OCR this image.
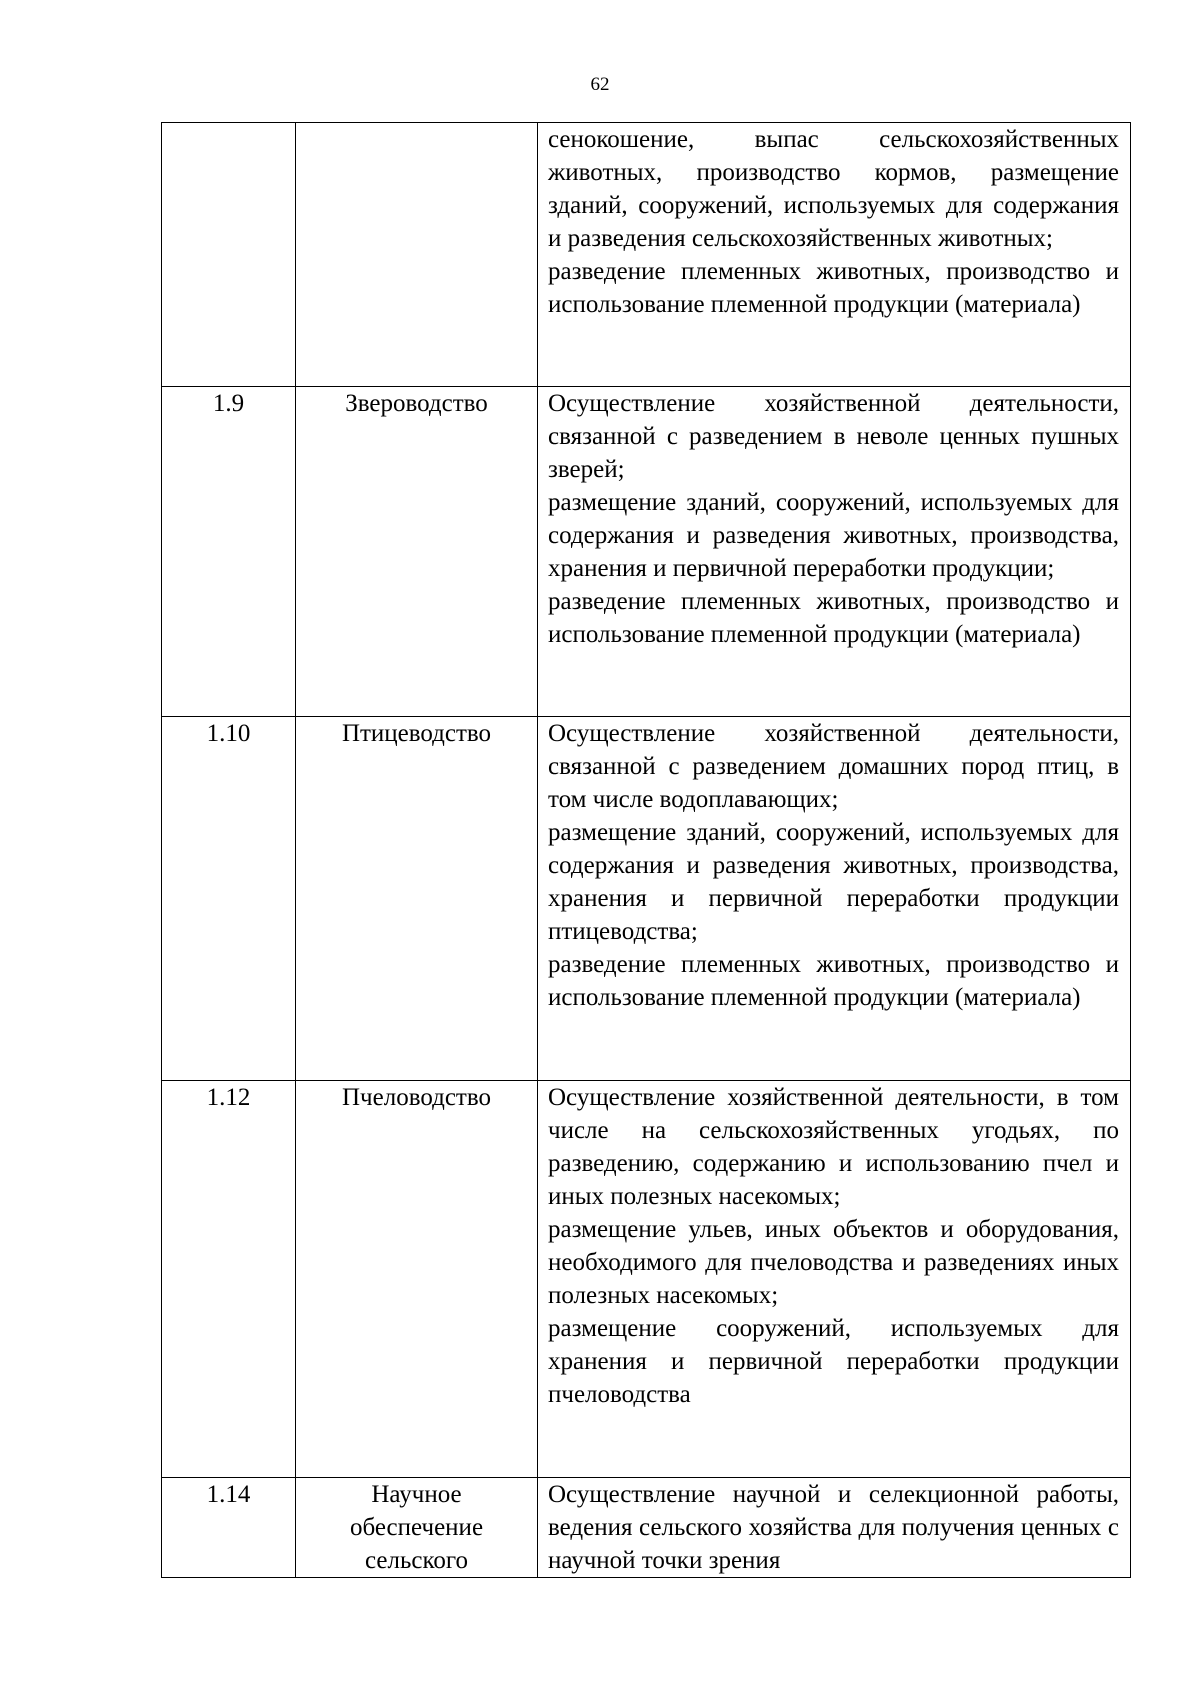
62

		сенокошение, выпас сельскохозяйственных животных, производство кормов, размещение зданий, сооружений, используемых для содержания и разведения сельскохозяйственных животных;

разведение племенных животных, производство и использование племенной продукции (материала)

1.9	Звероводство	Осуществление хозяйственной деятельности, связанной с разведением в неволе ценных пушных зверей;

размещение зданий, сооружений, используемых для содержания и разведения животных, производства, хранения и первичной переработки продукции;

разведение племенных животных, производство и использование племенной продукции (материала)

1.10	Птицеводство	Осуществление хозяйственной деятельности, связанной с разведением домашних пород птиц, в том числе водоплавающих;

размещение зданий, сооружений, используемых для содержания и разведения животных, производства, хранения и первичной переработки продукции птицеводства;

разведение племенных животных, производство и использование племенной продукции (материала)

1.12	Пчеловодство	Осуществление хозяйственной деятельности, в том числе на сельскохозяйственных угодьях, по разведению, содержанию и использованию пчел и иных полезных насекомых;

размещение ульев, иных объектов и оборудования, необходимого для пчеловодства и разведениях иных полезных насекомых;

размещение сооружений, используемых для хранения и первичной переработки продукции пчеловодства

1.14	Научное
обеспечение
сельского	Осуществление научной и селекционной работы, ведения сельского хозяйства для получения ценных с научной точки зрения
